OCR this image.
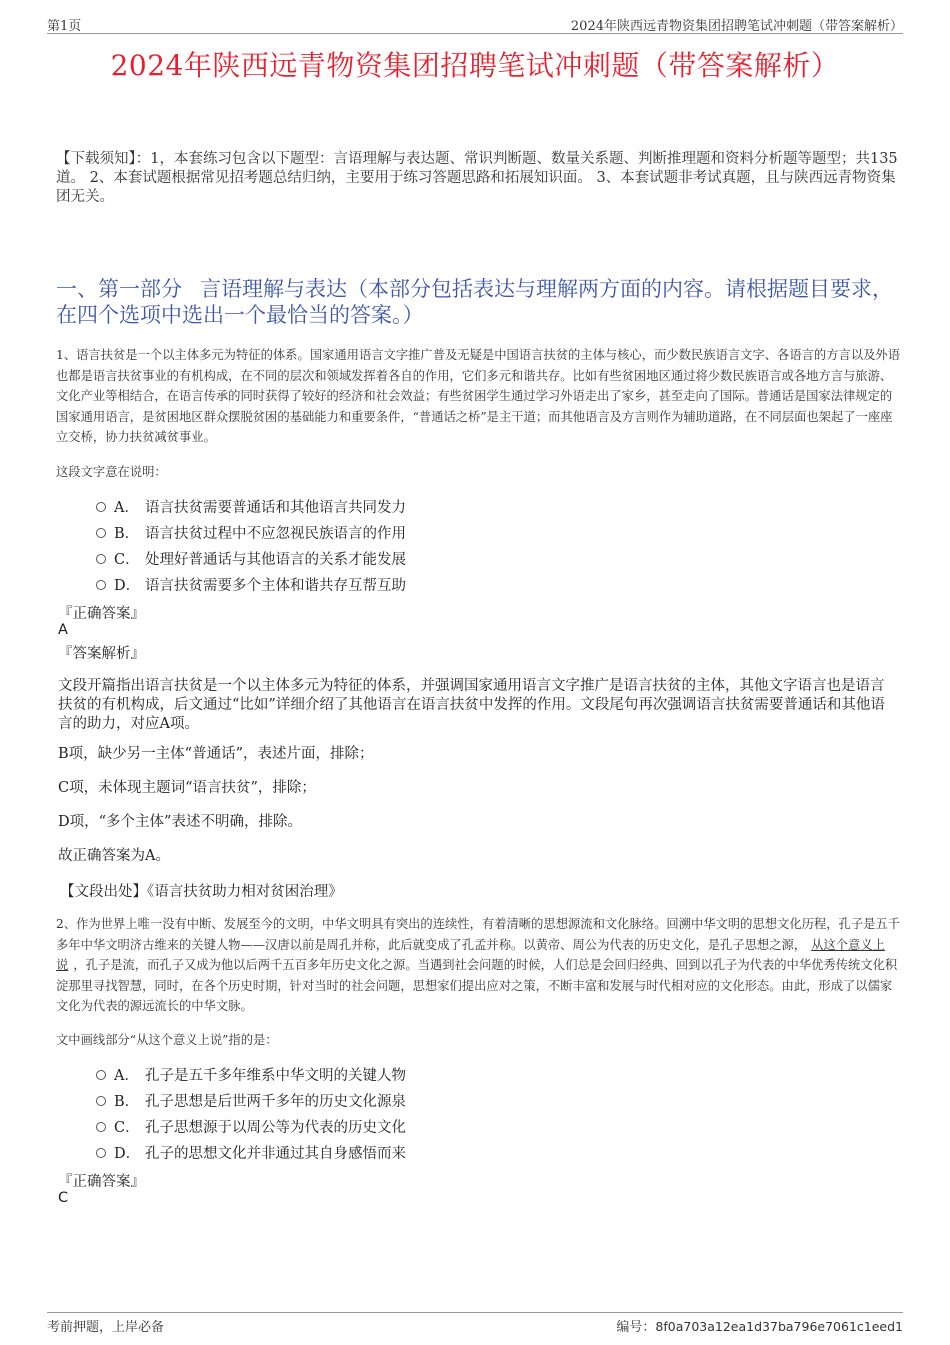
第1页	2024年陕西远青物资集团招聘笔试冲刺题（带答案解析）
2024年陕西远青物资集团招聘笔试冲刺题（带答案解析）
【下载须知】：1，本套练习包含以下题型：言语理解与表达题、常识判断题、数量关系题、判断推理题和资料分析题等题型；共135道。 2、本套试题根据常见招考题总结归纳，主要用于练习答题思路和拓展知识面。 3、本套试题非考试真题，且与陕西远青物资集团无关。
一、第一部分 言语理解与表达（本部分包括表达与理解两方面的内容。请根据题目要求，在四个选项中选出一个最恰当的答案。）
1、语言扶贫是一个以主体多元为特征的体系。国家通用语言文字推广普及无疑是中国语言扶贫的主体与核心，而少数民族语言文字、各语言的方言以及外语也都是语言扶贫事业的有机构成，在不同的层次和领域发挥着各自的作用，它们多元和谐共存。比如有些贫困地区通过将少数民族语言或各地方言与旅游、文化产业等相结合，在语言传承的同时获得了较好的经济和社会效益；有些贫困学生通过学习外语走出了家乡，甚至走向了国际。普通话是国家法律规定的国家通用语言，是贫困地区群众摆脱贫困的基础能力和重要条件，“普通话之桥”是主干道；而其他语言及方言则作为辅助道路，在不同层面也架起了一座座立交桥，协力扶贫减贫事业。
这段文字意在说明：
A． 语言扶贫需要普通话和其他语言共同发力
B． 语言扶贫过程中不应忽视民族语言的作用
C． 处理好普通话与其他语言的关系才能发展
D． 语言扶贫需要多个主体和谐共存互帮互助
『正确答案』
A
『答案解析』
文段开篇指出语言扶贫是一个以主体多元为特征的体系，并强调国家通用语言文字推广是语言扶贫的主体，其他文字语言也是语言扶贫的有机构成，后文通过“比如”详细介绍了其他语言在语言扶贫中发挥的作用。文段尾句再次强调语言扶贫需要普通话和其他语言的助力，对应A项。
B项，缺少另一主体“普通话”，表述片面，排除；
C项，未体现主题词“语言扶贫”，排除；
D项，“多个主体”表述不明确，排除。
故正确答案为A。
【文段出处】《语言扶贫助力相对贫困治理》
2、作为世界上唯一没有中断、发展至今的文明，中华文明具有突出的连续性，有着清晰的思想源流和文化脉络。回溯中华文明的思想文化历程，孔子是五千多年中华文明济古维来的关键人物——汉唐以前是周孔并称，此后就变成了孔孟并称。以黄帝、周公为代表的历史文化，是孔子思想之源， 从这个意义上说 ，孔子是流，而孔子又成为他以后两千五百多年历史文化之源。当遇到社会问题的时候，人们总是会回归经典、回到以孔子为代表的中华优秀传统文化积淀那里寻找智慧，同时，在各个历史时期，针对当时的社会问题，思想家们提出应对之策，不断丰富和发展与时代相对应的文化形态。由此，形成了以儒家文化为代表的源远流长的中华文脉。
文中画线部分“从这个意义上说”指的是：
A． 孔子是五千多年维系中华文明的关键人物
B． 孔子思想是后世两千多年的历史文化源泉
C． 孔子思想源于以周公等为代表的历史文化
D． 孔子的思想文化并非通过其自身感悟而来
『正确答案』
C
考前押题，上岸必备	编号：8f0a703a12ea1d37ba796e7061c1eed1
